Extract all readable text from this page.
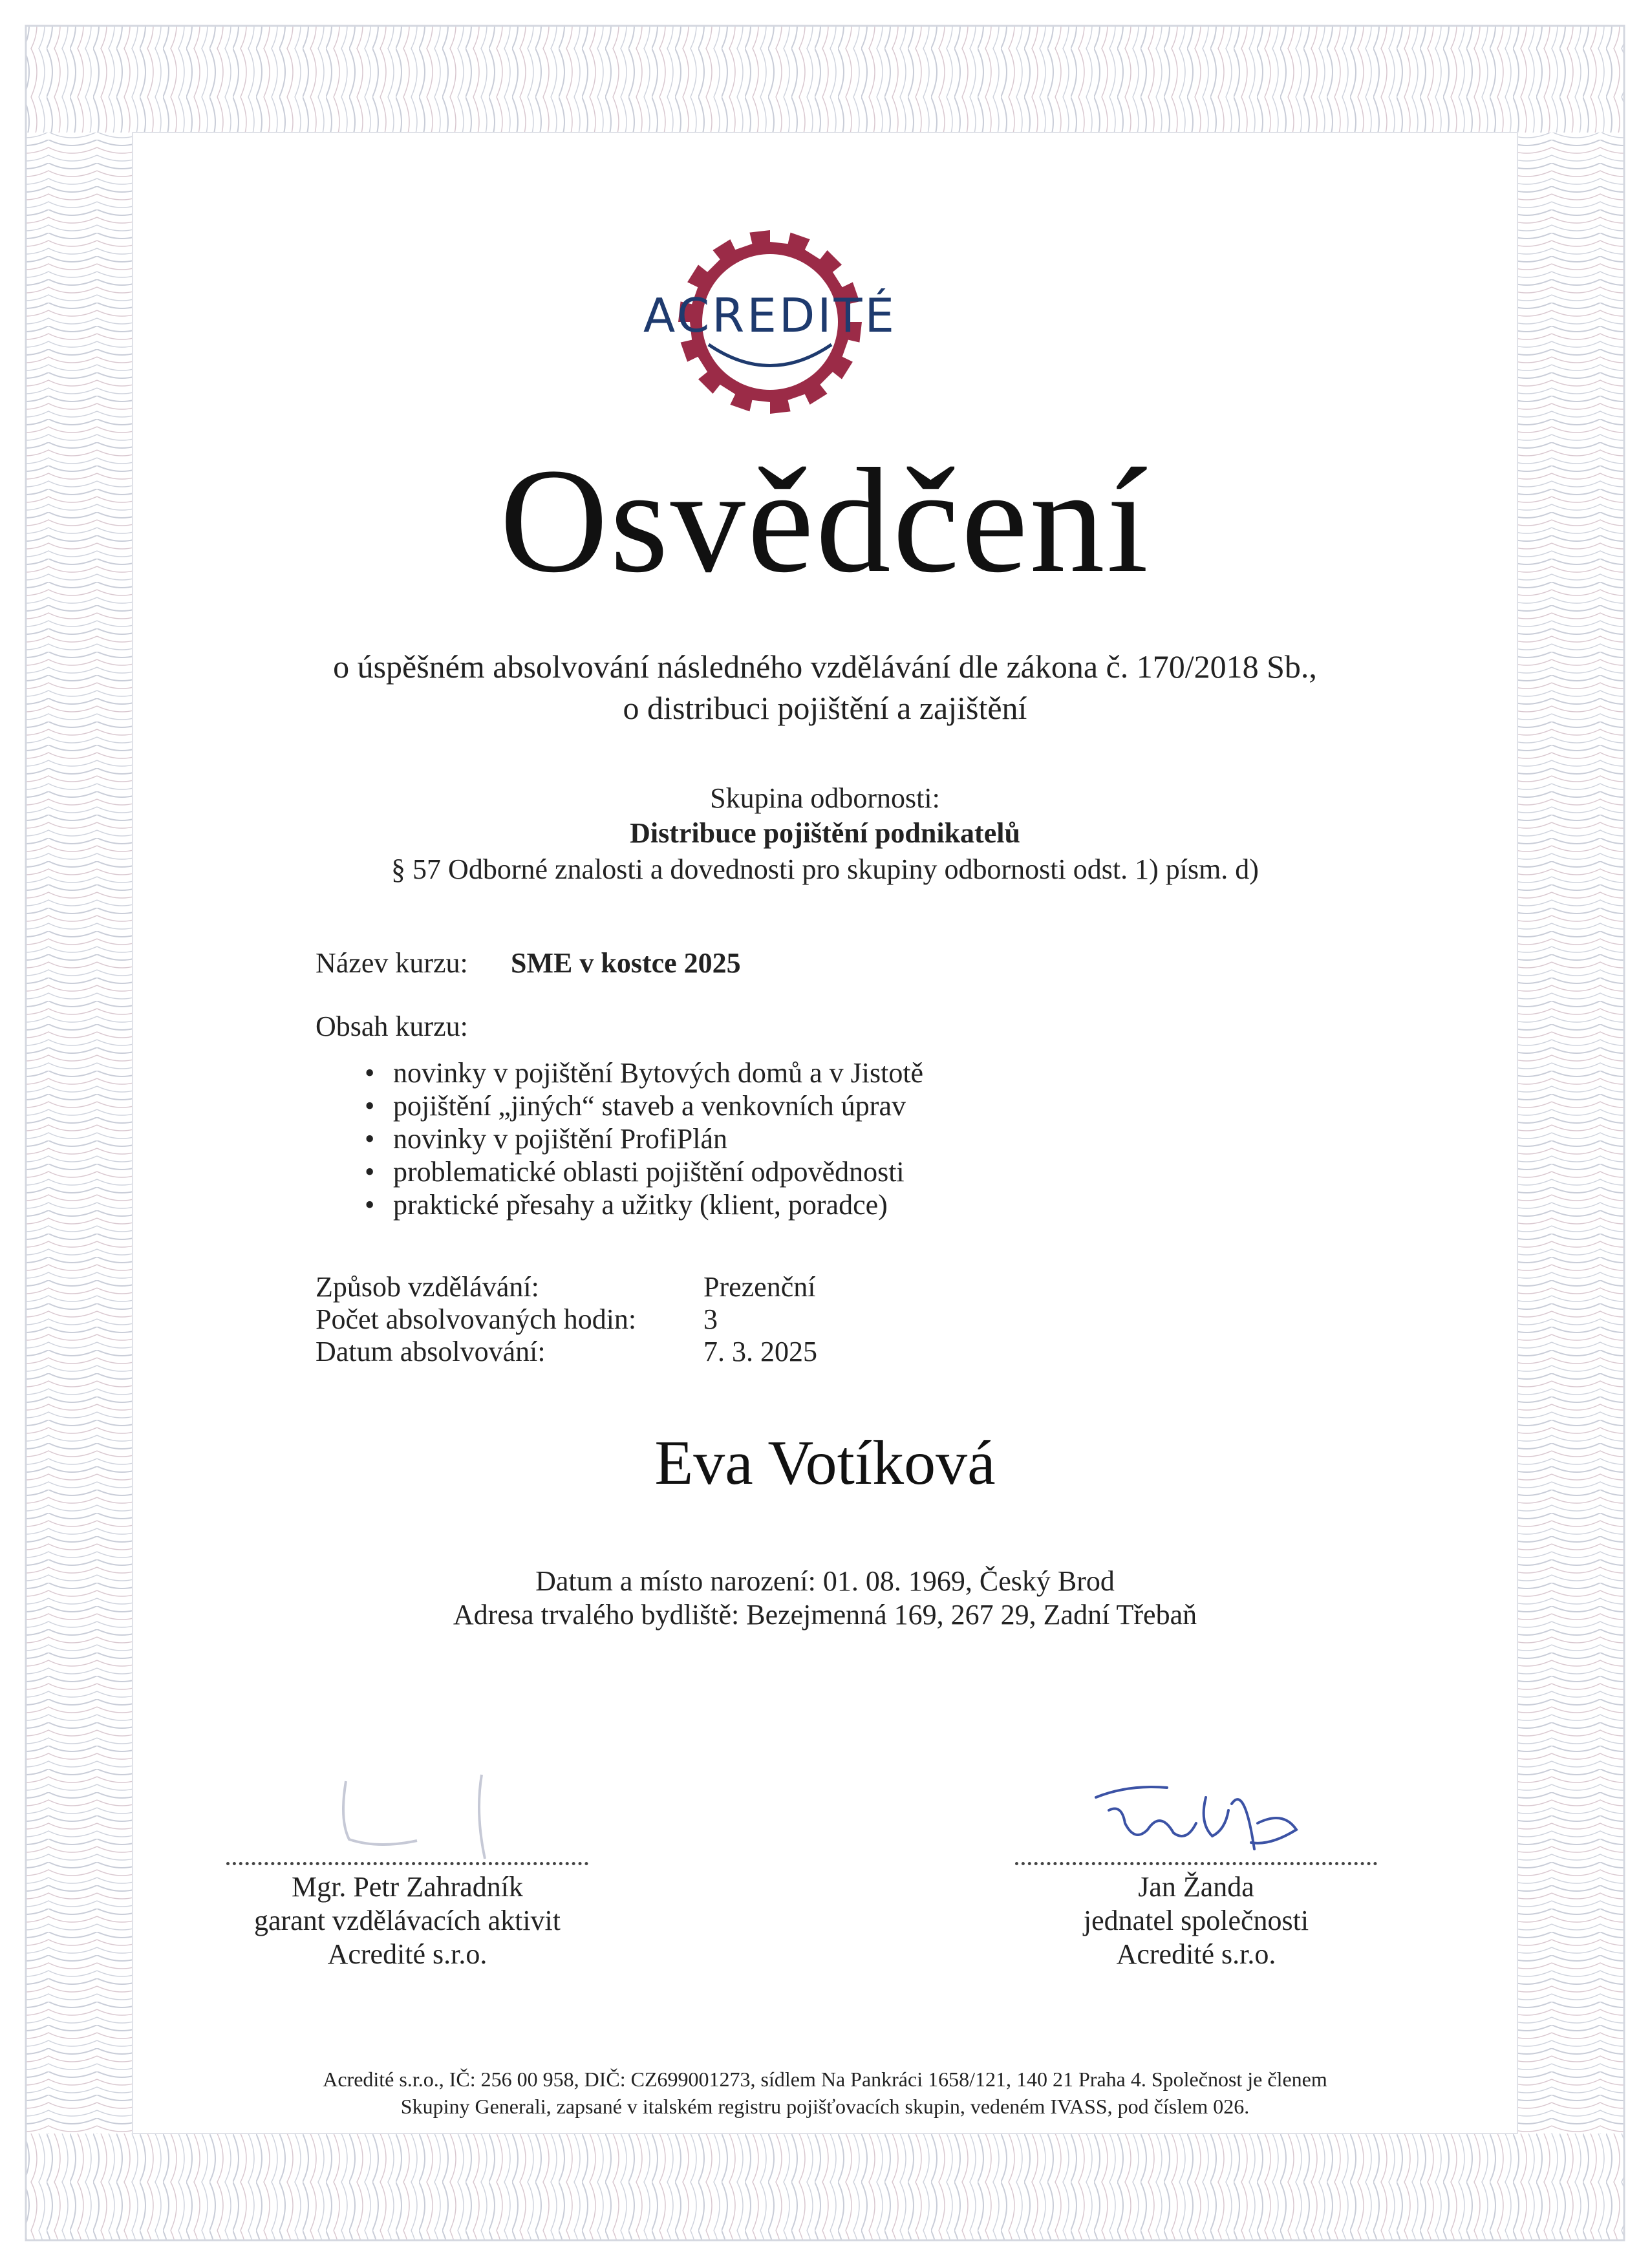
ACREDITÉ
Osvědčení
o úspěšném absolvování následného vzdělávání dle zákona č. 170/2018 Sb.,
o distribuci pojištění a zajištění
Skupina odbornosti:
Distribuce pojištění podnikatelů
§ 57 Odborné znalosti a dovednosti pro skupiny odbornosti odst. 1) písm. d)
Název kurzu: SME v kostce 2025
Obsah kurzu:
• novinky v pojištění Bytových domů a v Jistotě
• pojištění „jiných“ staveb a venkovních úprav
• novinky v pojištění ProfiPlán
• problematické oblasti pojištění odpovědnosti
• praktické přesahy a užitky (klient, poradce)
Způsob vzdělávání:	Prezenční
Počet absolvovaných hodin: 3
Datum absolvování:	7. 3. 2025
Eva Votíková
Datum a místo narození: 01. 08. 1969, Český Brod
Adresa trvalého bydliště: Bezejmenná 169, 267 29, Zadní Třebaň
Mgr. Petr Zahradník
garant vzdělávacích aktivit
Acredité s.r.o.
Jan Žanda
jednatel společnosti
Acredité s.r.o.
Acredité s.r.o., IČ: 256 00 958, DIČ: CZ699001273, sídlem Na Pankráci 1658/121, 140 21 Praha 4. Společnost je členem
Skupiny Generali, zapsané v italském registru pojišťovacích skupin, vedeném IVASS, pod číslem 026.
